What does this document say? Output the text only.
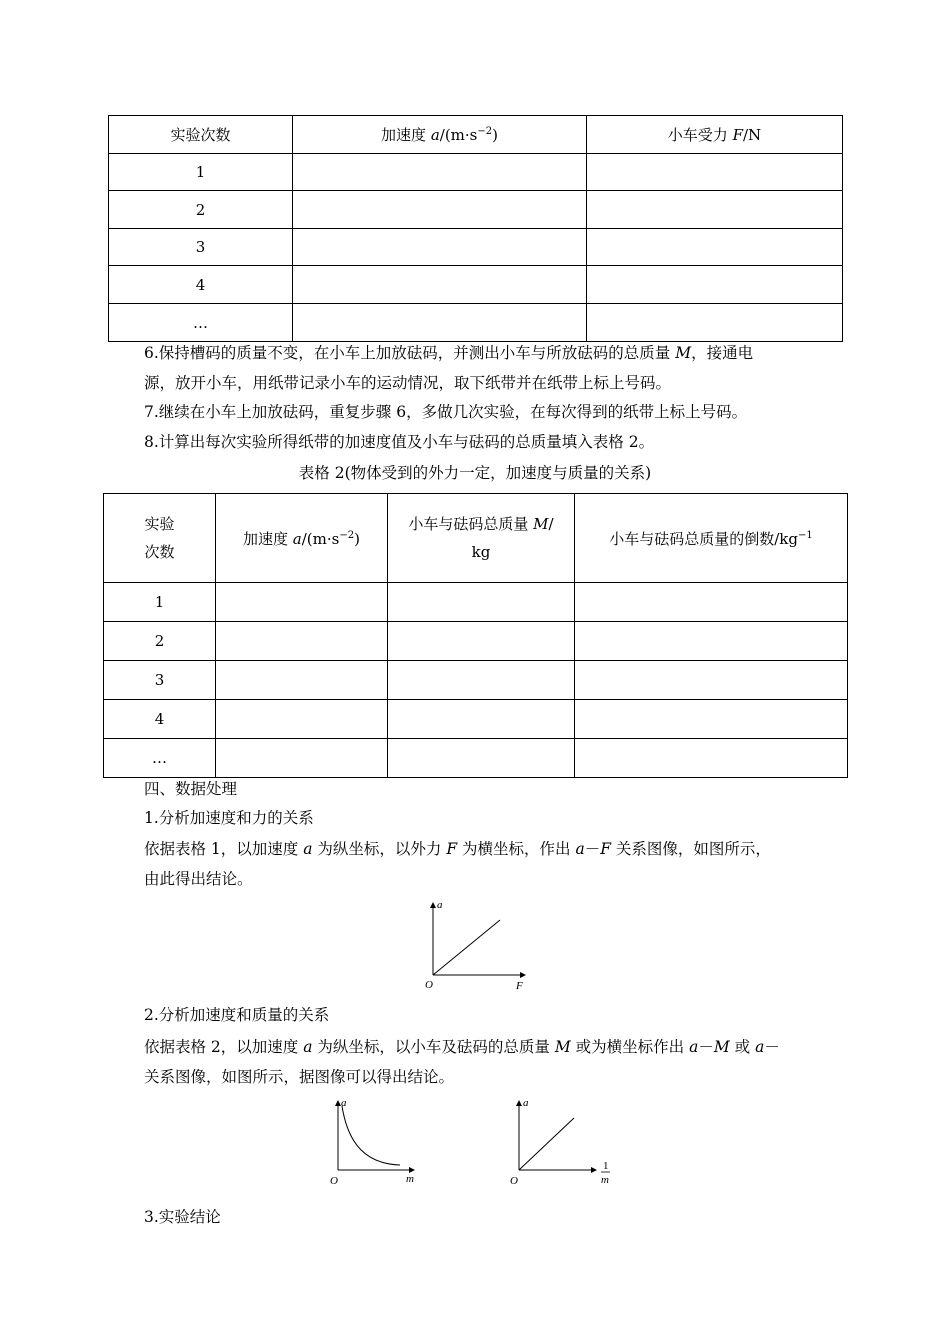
实验次数	加速度 $a/(m\cdot s^{-2})$	小车受力 F/N
1		
2		
3		
4		
…		
6.保持槽码的质量不变，在小车上加放砝码，并测出小车与所放砝码的总质量 M，接通电
源，放开小车，用纸带记录小车的运动情况，取下纸带并在纸带上标上号码。
7.继续在小车上加放砝码，重复步骤 6，多做几次实验，在每次得到的纸带上标上号码。
8.计算出每次实验所得纸带的加速度值及小车与砝码的总质量填入表格 2。
表格 2(物体受到的外力一定，加速度与质量的关系)
实验
次数	加速度 $a/(m\cdot s^{-2})$	小车与砝码总质量 M/
kg	小车与砝码总质量的倒数$/kg^{-1}$
1			
2			
3			
4			
…			
四、数据处理
1.分析加速度和力的关系
依据表格 1，以加速度 a 为纵坐标，以外力 F 为横坐标，作出 a－F 关系图像，如图所示，
由此得出结论。
a
F
O
2.分析加速度和质量的关系
依据表格 2，以加速度 a 为纵坐标，以小车及砝码的总质量 M 或为横坐标作出 a－M 或 a－
关系图像，如图所示，据图像可以得出结论。
a
m
O
a
1
m
O
3.实验结论
